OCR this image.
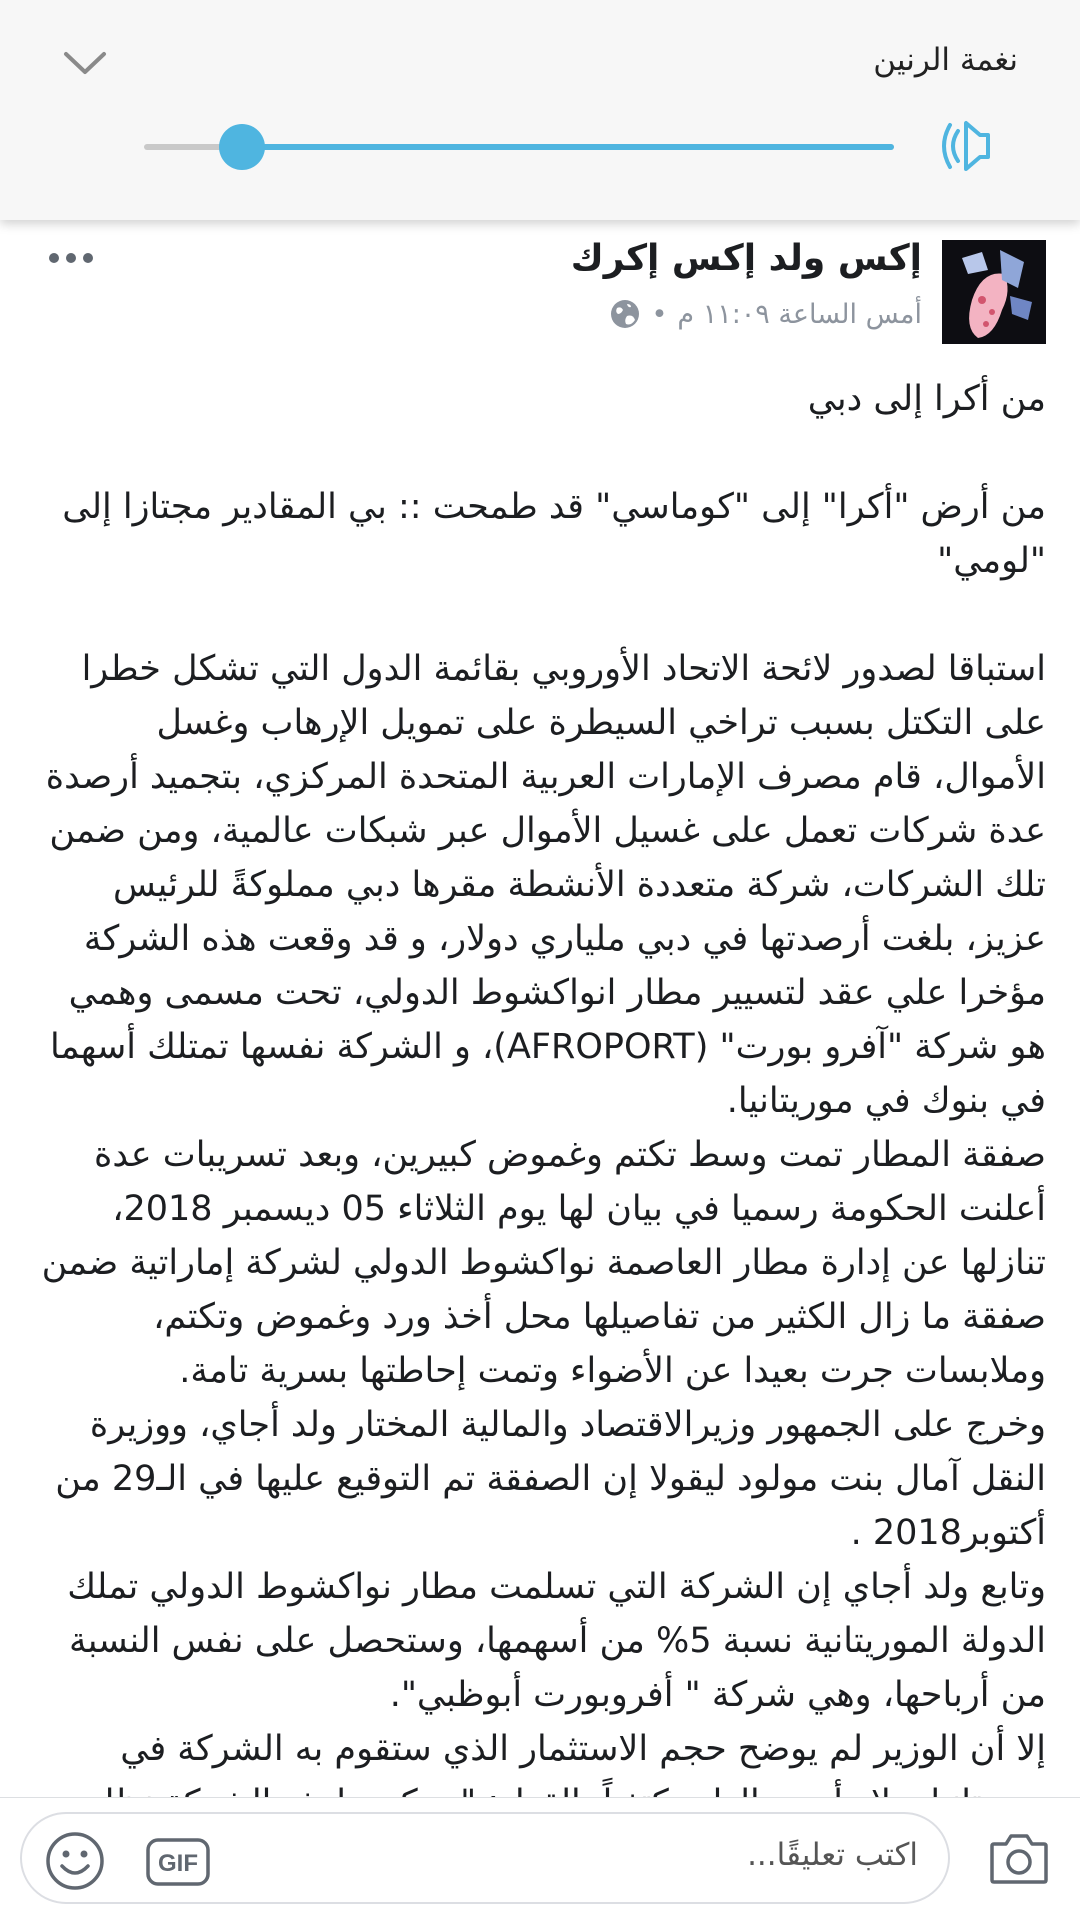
نغمة الرنين
إكس ولد إكس إكرك
أمس الساعة ١١:٠٩ م
•

من أكرا إلى دبي

من أرض "أكرا" إلى "كوماسي" قد طمحت :: بي المقادير مجتازا إلى "لومي"

استباقا لصدور لائحة الاتحاد الأوروبي بقائمة الدول التي تشكل خطرا على التكتل بسبب تراخي السيطرة على تمويل الإرهاب وغسل الأموال، قام مصرف الإمارات العربية المتحدة المركزي، بتجميد أرصدة عدة شركات تعمل على غسيل الأموال عبر شبكات عالمية، ومن ضمن تلك الشركات، شركة متعددة الأنشطة مقرها دبي مملوكةً للرئيس عزيز، بلغت أرصدتها في دبي ملياري دولار، و قد وقعت هذه الشركة مؤخرا علي عقد لتسيير مطار انواكشوط الدولي، تحت مسمى وهمي هو شركة "آفرو بورت" (AFROPORT)، و الشركة نفسها تمتلك أسهما في بنوك في موريتانيا.

صفقة المطار تمت وسط تكتم وغموض كبيرين، وبعد تسريبات عدة أعلنت الحكومة رسميا في بيان لها يوم الثلاثاء 05 ديسمبر 2018، تنازلها عن إدارة مطار العاصمة نواكشوط الدولي لشركة إماراتية ضمن صفقة ما زال الكثير من تفاصيلها محل أخذ ورد وغموض وتكتم، وملابسات جرت بعيدا عن الأضواء وتمت إحاطتها بسرية تامة.

وخرج على الجمهور وزيرالاقتصاد والمالية المختار ولد أجاي، ووزيرة النقل آمال بنت مولود ليقولا إن الصفقة تم التوقيع عليها في الـ29 من أكتوبر2018 .

وتابع ولد أجاي إن الشركة التي تسلمت مطار نواكشوط الدولي تملك الدولة الموريتانية نسبة 5% من أسهمها، وستحصل على نفس النسبة من أرباحها، وهي شركة " أفروبورت أبوظبي".

إلا أن الوزير لم يوضح حجم الاستثمار الذي ستقوم به الشركة في

اكتب تعليقًا...
GIF
